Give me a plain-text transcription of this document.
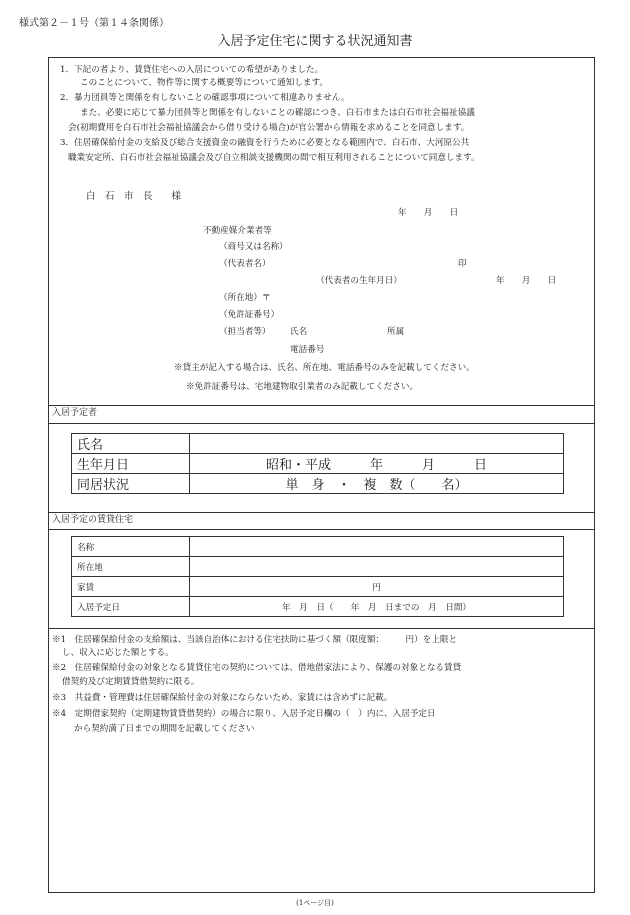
様式第２－１号（第１４条関係）
入居予定住宅に関する状況通知書
1．下記の者より、賃貸住宅への入居についての希望がありました。
このことについて、物件等に関する概要等について通知します。
2．暴力団員等と関係を有しないことの確認事項について相違ありません。
また、必要に応じて暴力団員等と関係を有しないことの確認につき、白石市または白石市社会福祉協議
会(初期費用を白石市社会福祉協議会から借り受ける場合)が官公署から情報を求めることを同意します。
3．住居確保給付金の支給及び総合支援資金の融資を行うために必要となる範囲内で、白石市、大河原公共
職業安定所、白石市社会福祉協議会及び自立相談支援機関の間で相互利用されることについて同意します。
白　石　市　長　　様
年　　月　　日
不動産媒介業者等
（商号又は名称）
（代表者名）	印
（代表者の生年月日）	年　　月　　日
（所在地）〒
（免許証番号）
（担当者等） 氏名	所属
電話番号
※貸主が記入する場合は、氏名、所在地、電話番号のみを記載してください。
※免許証番号は、宅地建物取引業者のみ記載してください。
入居予定者
氏名	
生年月日	昭和・平成　　　年　　　月　　　日
同居状況	単　身　・　複　数（　　名）
入居予定の賃貸住宅
名称	
所在地	
家賃	円
入居予定日	年　月　日（　　年　月　日までの　月　日間）
※1　住居確保給付金の支給額は、当該自治体における住宅扶助に基づく額（限度額：　　　円）を上限と
し、収入に応じた額とする。
※2　住居確保給付金の対象となる賃貸住宅の契約については、借地借家法により、保護の対象となる賃貸
借契約及び定期賃貸借契約に限る。
※3　共益費・管理費は住居確保給付金の対象にならないため、家賃には含めずに記載。
※4　定期借家契約（定期建物賃貸借契約）の場合に限り、入居予定日欄の（　）内に、入居予定日
から契約満了日までの期間を記載してください
(1ページ目)
